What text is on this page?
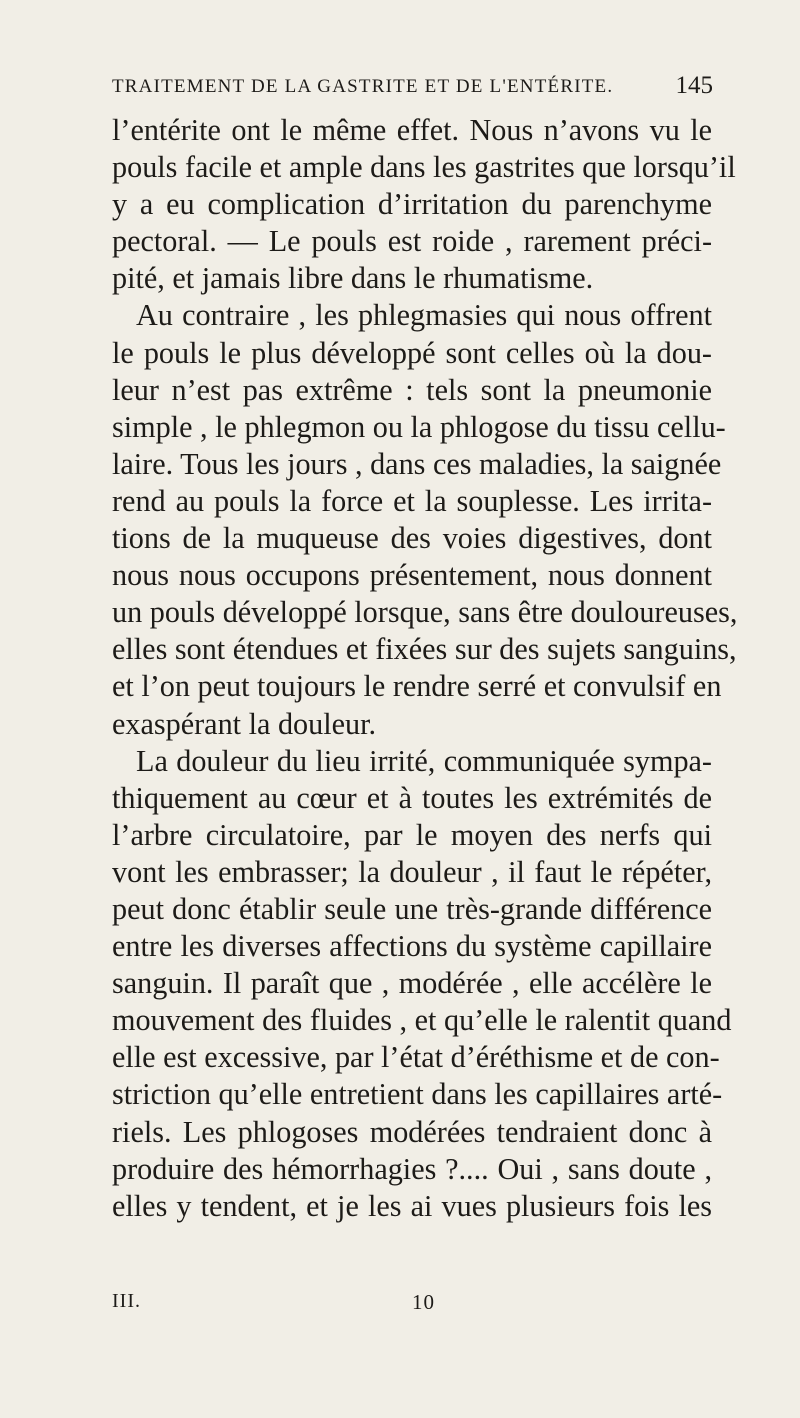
TRAITEMENT DE LA GASTRITE ET DE L'ENTÉRITE. 145
l’entérite ont le même effet. Nous n’avons vu le
pouls facile et ample dans les gastrites que lorsqu’il
y a eu complication d’irritation du parenchyme
pectoral. — Le pouls est roide , rarement préci-
pité, et jamais libre dans le rhumatisme.
Au contraire , les phlegmasies qui nous offrent
le pouls le plus développé sont celles où la dou-
leur n’est pas extrême : tels sont la pneumonie
simple , le phlegmon ou la phlogose du tissu cellu-
laire. Tous les jours , dans ces maladies, la saignée
rend au pouls la force et la souplesse. Les irrita-
tions de la muqueuse des voies digestives, dont
nous nous occupons présentement, nous donnent
un pouls développé lorsque, sans être douloureuses,
elles sont étendues et fixées sur des sujets sanguins,
et l’on peut toujours le rendre serré et convulsif en
exaspérant la douleur.
La douleur du lieu irrité, communiquée sympa-
thiquement au cœur et à toutes les extrémités de
l’arbre circulatoire, par le moyen des nerfs qui
vont les embrasser; la douleur , il faut le répéter,
peut donc établir seule une très-grande différence
entre les diverses affections du système capillaire
sanguin. Il paraît que , modérée , elle accélère le
mouvement des fluides , et qu’elle le ralentit quand
elle est excessive, par l’état d’éréthisme et de con-
striction qu’elle entretient dans les capillaires arté-
riels. Les phlogoses modérées tendraient donc à
produire des hémorrhagies ?.... Oui , sans doute ,
elles y tendent, et je les ai vues plusieurs fois les
III.	10
